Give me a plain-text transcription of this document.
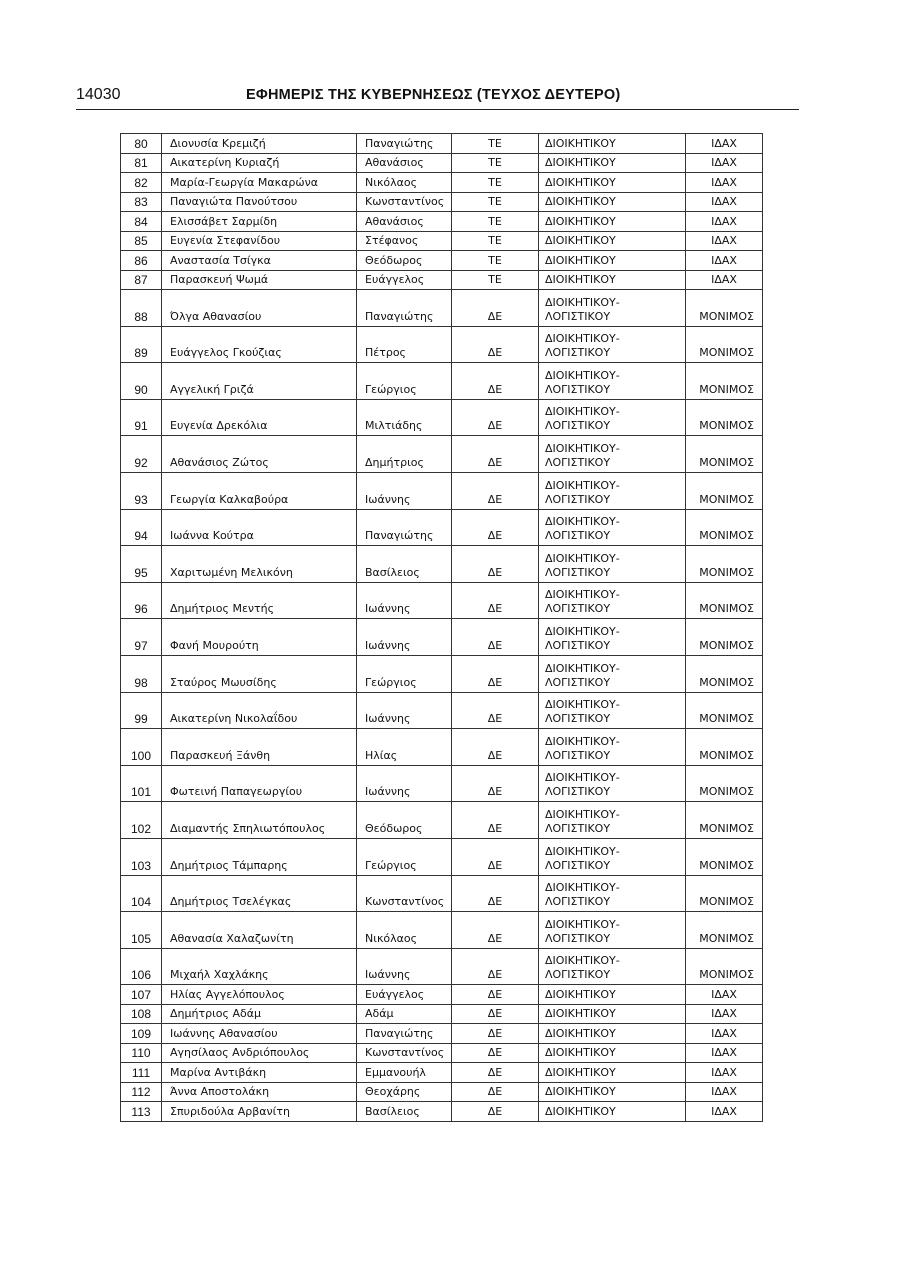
14030	ΕΦΗΜΕΡΙΣ ΤΗΣ ΚΥΒΕΡΝΗΣΕΩΣ (ΤΕΥΧΟΣ ΔΕΥΤΕΡΟ)
80	Διονυσία Κρεμιζή	Παναγιώτης	ΤΕ	ΔΙΟΙΚΗΤΙΚΟΥ	ΙΔΑΧ
81	Αικατερίνη Κυριαζή	Αθανάσιος	ΤΕ	ΔΙΟΙΚΗΤΙΚΟΥ	ΙΔΑΧ
82	Μαρία-Γεωργία Μακαρώνα	Νικόλαος	ΤΕ	ΔΙΟΙΚΗΤΙΚΟΥ	ΙΔΑΧ
83	Παναγιώτα Πανούτσου	Κωνσταντίνος	ΤΕ	ΔΙΟΙΚΗΤΙΚΟΥ	ΙΔΑΧ
84	Ελισσάβετ Σαρμίδη	Αθανάσιος	ΤΕ	ΔΙΟΙΚΗΤΙΚΟΥ	ΙΔΑΧ
85	Ευγενία Στεφανίδου	Στέφανος	ΤΕ	ΔΙΟΙΚΗΤΙΚΟΥ	ΙΔΑΧ
86	Αναστασία Τσίγκα	Θεόδωρος	ΤΕ	ΔΙΟΙΚΗΤΙΚΟΥ	ΙΔΑΧ
87	Παρασκευή Ψωμά	Ευάγγελος	ΤΕ	ΔΙΟΙΚΗΤΙΚΟΥ	ΙΔΑΧ
88	Όλγα Αθανασίου	Παναγιώτης	ΔΕ	ΔΙΟΙΚΗΤΙΚΟΥ-
ΛΟΓΙΣΤΙΚΟΥ	ΜΟΝΙΜΟΣ
89	Ευάγγελος Γκούζιας	Πέτρος	ΔΕ	ΔΙΟΙΚΗΤΙΚΟΥ-
ΛΟΓΙΣΤΙΚΟΥ	ΜΟΝΙΜΟΣ
90	Αγγελική Γριζά	Γεώργιος	ΔΕ	ΔΙΟΙΚΗΤΙΚΟΥ-
ΛΟΓΙΣΤΙΚΟΥ	ΜΟΝΙΜΟΣ
91	Ευγενία Δρεκόλια	Μιλτιάδης	ΔΕ	ΔΙΟΙΚΗΤΙΚΟΥ-
ΛΟΓΙΣΤΙΚΟΥ	ΜΟΝΙΜΟΣ
92	Αθανάσιος Ζώτος	Δημήτριος	ΔΕ	ΔΙΟΙΚΗΤΙΚΟΥ-
ΛΟΓΙΣΤΙΚΟΥ	ΜΟΝΙΜΟΣ
93	Γεωργία Καλκαβούρα	Ιωάννης	ΔΕ	ΔΙΟΙΚΗΤΙΚΟΥ-
ΛΟΓΙΣΤΙΚΟΥ	ΜΟΝΙΜΟΣ
94	Ιωάννα Κούτρα	Παναγιώτης	ΔΕ	ΔΙΟΙΚΗΤΙΚΟΥ-
ΛΟΓΙΣΤΙΚΟΥ	ΜΟΝΙΜΟΣ
95	Χαριτωμένη Μελικόνη	Βασίλειος	ΔΕ	ΔΙΟΙΚΗΤΙΚΟΥ-
ΛΟΓΙΣΤΙΚΟΥ	ΜΟΝΙΜΟΣ
96	Δημήτριος Μεντής	Ιωάννης	ΔΕ	ΔΙΟΙΚΗΤΙΚΟΥ-
ΛΟΓΙΣΤΙΚΟΥ	ΜΟΝΙΜΟΣ
97	Φανή Μουρούτη	Ιωάννης	ΔΕ	ΔΙΟΙΚΗΤΙΚΟΥ-
ΛΟΓΙΣΤΙΚΟΥ	ΜΟΝΙΜΟΣ
98	Σταύρος Μωυσίδης	Γεώργιος	ΔΕ	ΔΙΟΙΚΗΤΙΚΟΥ-
ΛΟΓΙΣΤΙΚΟΥ	ΜΟΝΙΜΟΣ
99	Αικατερίνη Νικολαΐδου	Ιωάννης	ΔΕ	ΔΙΟΙΚΗΤΙΚΟΥ-
ΛΟΓΙΣΤΙΚΟΥ	ΜΟΝΙΜΟΣ
100	Παρασκευή Ξάνθη	Ηλίας	ΔΕ	ΔΙΟΙΚΗΤΙΚΟΥ-
ΛΟΓΙΣΤΙΚΟΥ	ΜΟΝΙΜΟΣ
101	Φωτεινή Παπαγεωργίου	Ιωάννης	ΔΕ	ΔΙΟΙΚΗΤΙΚΟΥ-
ΛΟΓΙΣΤΙΚΟΥ	ΜΟΝΙΜΟΣ
102	Διαμαντής Σπηλιωτόπουλος	Θεόδωρος	ΔΕ	ΔΙΟΙΚΗΤΙΚΟΥ-
ΛΟΓΙΣΤΙΚΟΥ	ΜΟΝΙΜΟΣ
103	Δημήτριος Τάμπαρης	Γεώργιος	ΔΕ	ΔΙΟΙΚΗΤΙΚΟΥ-
ΛΟΓΙΣΤΙΚΟΥ	ΜΟΝΙΜΟΣ
104	Δημήτριος Τσελέγκας	Κωνσταντίνος	ΔΕ	ΔΙΟΙΚΗΤΙΚΟΥ-
ΛΟΓΙΣΤΙΚΟΥ	ΜΟΝΙΜΟΣ
105	Αθανασία Χαλαζωνίτη	Νικόλαος	ΔΕ	ΔΙΟΙΚΗΤΙΚΟΥ-
ΛΟΓΙΣΤΙΚΟΥ	ΜΟΝΙΜΟΣ
106	Μιχαήλ Χαχλάκης	Ιωάννης	ΔΕ	ΔΙΟΙΚΗΤΙΚΟΥ-
ΛΟΓΙΣΤΙΚΟΥ	ΜΟΝΙΜΟΣ
107	Ηλίας Αγγελόπουλος	Ευάγγελος	ΔΕ	ΔΙΟΙΚΗΤΙΚΟΥ	ΙΔΑΧ
108	Δημήτριος Αδάμ	Αδάμ	ΔΕ	ΔΙΟΙΚΗΤΙΚΟΥ	ΙΔΑΧ
109	Ιωάννης Αθανασίου	Παναγιώτης	ΔΕ	ΔΙΟΙΚΗΤΙΚΟΥ	ΙΔΑΧ
110	Αγησίλαος Ανδριόπουλος	Κωνσταντίνος	ΔΕ	ΔΙΟΙΚΗΤΙΚΟΥ	ΙΔΑΧ
111	Μαρίνα Αντιβάκη	Εμμανουήλ	ΔΕ	ΔΙΟΙΚΗΤΙΚΟΥ	ΙΔΑΧ
112	Άννα Αποστολάκη	Θεοχάρης	ΔΕ	ΔΙΟΙΚΗΤΙΚΟΥ	ΙΔΑΧ
113	Σπυριδούλα Αρβανίτη	Βασίλειος	ΔΕ	ΔΙΟΙΚΗΤΙΚΟΥ	ΙΔΑΧ
